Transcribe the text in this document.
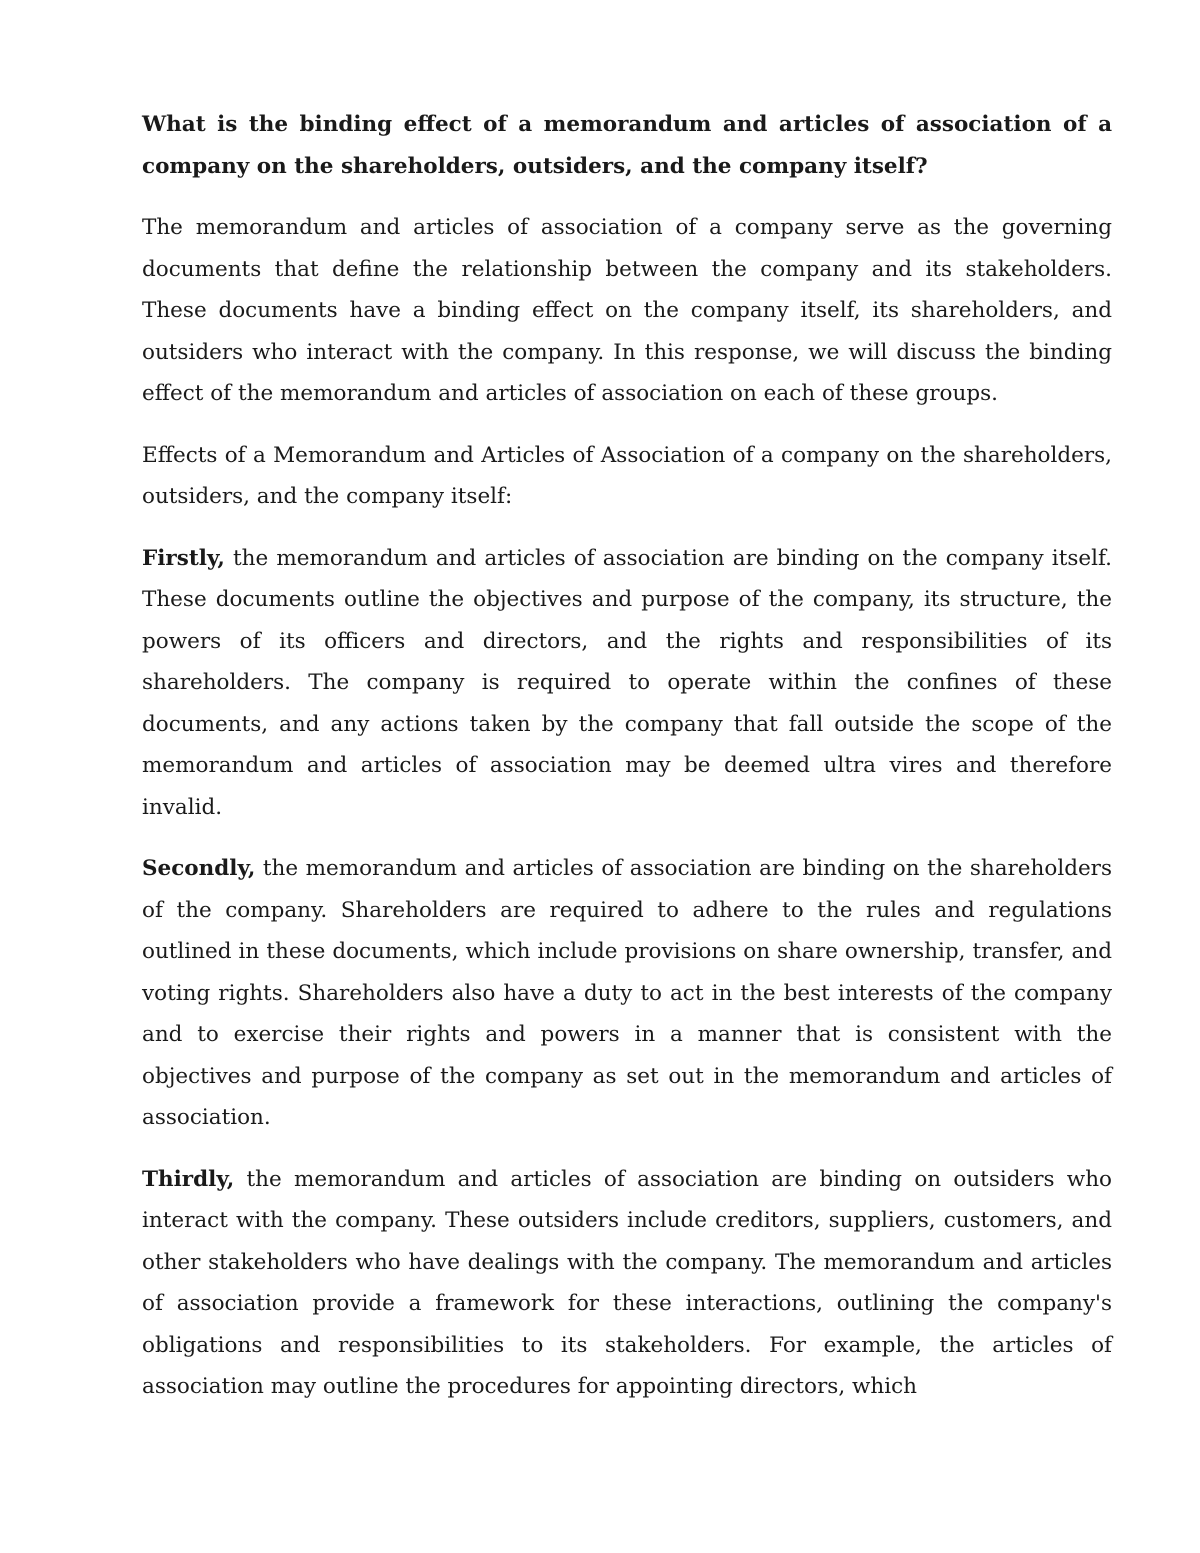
What is the binding effect of a memorandum and articles of association of a company on the shareholders, outsiders, and the company itself?

The memorandum and articles of association of a company serve as the governing documents that define the relationship between the company and its stakeholders. These documents have a binding effect on the company itself, its shareholders, and outsiders who interact with the company. In this response, we will discuss the binding effect of the memorandum and articles of association on each of these groups.

Effects of a Memorandum and Articles of Association of a company on the shareholders, outsiders, and the company itself:

Firstly, the memorandum and articles of association are binding on the company itself. These documents outline the objectives and purpose of the company, its structure, the powers of its officers and directors, and the rights and responsibilities of its shareholders. The company is required to operate within the confines of these documents, and any actions taken by the company that fall outside the scope of the memorandum and articles of association may be deemed ultra vires and therefore invalid.

Secondly, the memorandum and articles of association are binding on the shareholders of the company. Shareholders are required to adhere to the rules and regulations outlined in these documents, which include provisions on share ownership, transfer, and voting rights. Shareholders also have a duty to act in the best interests of the company and to exercise their rights and powers in a manner that is consistent with the objectives and purpose of the company as set out in the memorandum and articles of association.

Thirdly, the memorandum and articles of association are binding on outsiders who interact with the company. These outsiders include creditors, suppliers, customers, and other stakeholders who have dealings with the company. The memorandum and articles of association provide a framework for these interactions, outlining the company's obligations and responsibilities to its stakeholders. For example, the articles of association may outline the procedures for appointing directors, which
